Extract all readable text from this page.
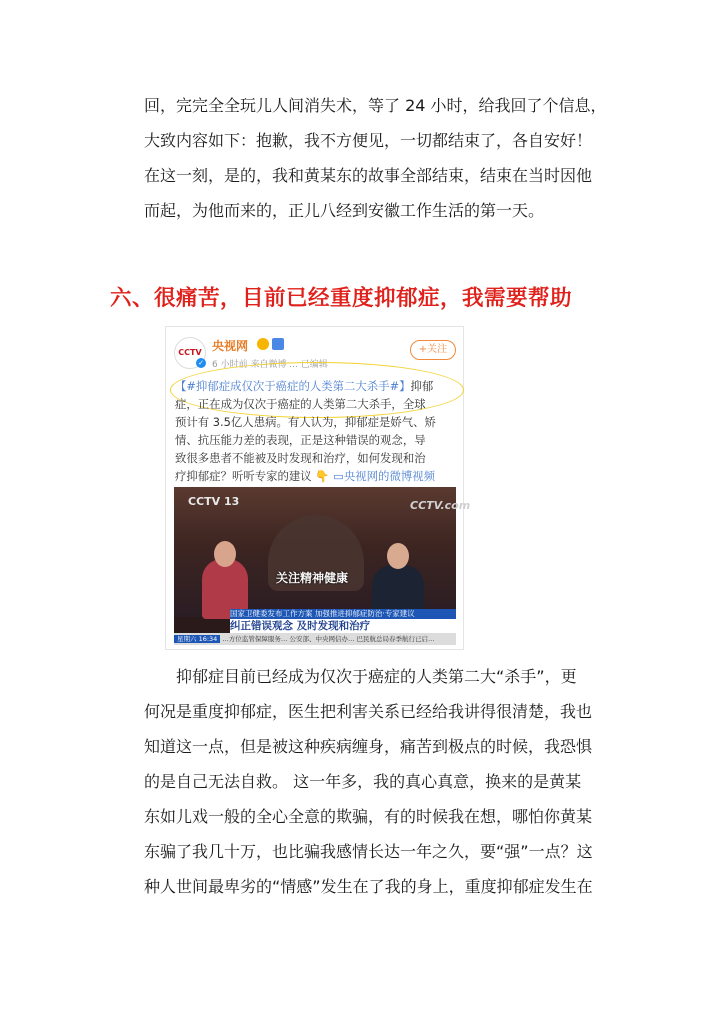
回，完完全全玩儿人间消失术，等了 24 小时，给我回了个信息，
大致内容如下：抱歉，我不方便见，一切都结束了，各自安好！
在这一刻，是的，我和黄某东的故事全部结束，结束在当时因他
而起，为他而来的，正儿八经到安徽工作生活的第一天。
六、很痛苦，目前已经重度抑郁症，我需要帮助
CCTV
✓
央视网
6 小时前 来自微博 ... 已编辑
+关注

【#抑郁症成仅次于癌症的人类第二大杀手#】抑郁
症，正在成为仅次于癌症的人类第二大杀手，全球
预计有 3.5亿人患病。有人认为，抑郁症是娇气、矫
情、抗压能力差的表现，正是这种错误的观念，导
致很多患者不能被及时发现和治疗，如何发现和治
疗抑郁症？听听专家的建议 👇 ▭央视网的微博视频

CCTV 13	CCTV.com
关注精神健康
国家卫健委发布工作方案 加强推进抑郁症防治·专家建议
纠正错误观念 及时发现和治疗
星期六 16:34 …方位监管保障服务… 公安部、中央网信办… 巴民航总局春季航行已启…
抑郁症目前已经成为仅次于癌症的人类第二大“杀手”，更
何况是重度抑郁症，医生把利害关系已经给我讲得很清楚，我也
知道这一点，但是被这种疾病缠身，痛苦到极点的时候，我恐惧
的是自己无法自救。 这一年多，我的真心真意，换来的是黄某
东如儿戏一般的全心全意的欺骗，有的时候我在想，哪怕你黄某
东骗了我几十万，也比骗我感情长达一年之久，要“强”一点？这
种人世间最卑劣的“情感”发生在了我的身上，重度抑郁症发生在
